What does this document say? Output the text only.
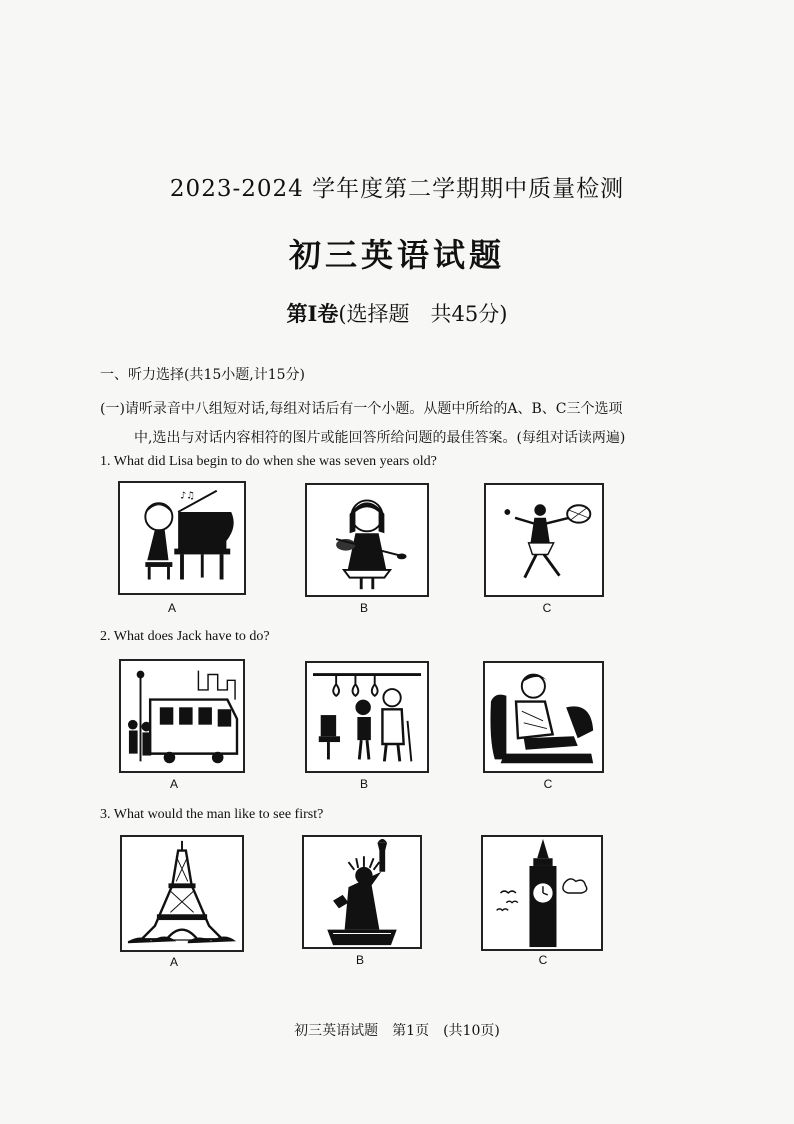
2023-2024 学年度第二学期期中质量检测
初三英语试题
第Ⅰ卷(选择题　共45分)
一、听力选择(共15小题,计15分)
(一)请听录音中八组短对话,每组对话后有一个小题。从题中所给的A、B、C三个选项
中,选出与对话内容相符的图片或能回答所给问题的最佳答案。(每组对话读两遍)
1. What did Lisa begin to do when she was seven years old?
♪♫
A	B	C
2. What does Jack have to do?
A	B	C
3. What would the man like to see first?
A	B	C
初三英语试题　第1页　(共10页)
